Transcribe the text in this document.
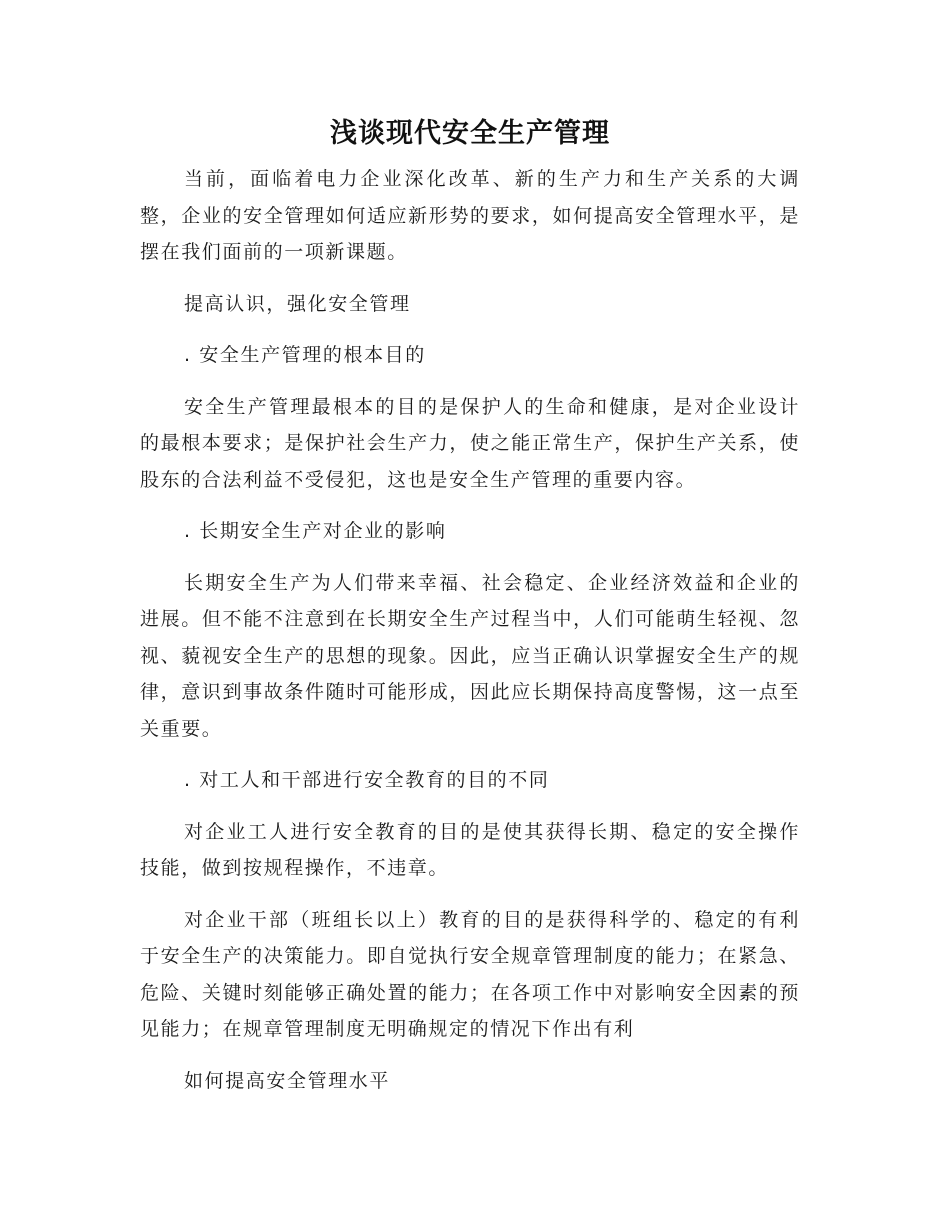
浅谈现代安全生产管理

当前，面临着电力企业深化改革、新的生产力和生产关系的大调整，企业的安全管理如何适应新形势的要求，如何提高安全管理水平，是摆在我们面前的一项新课题。

提高认识，强化安全管理

. 安全生产管理的根本目的

安全生产管理最根本的目的是保护人的生命和健康，是对企业设计的最根本要求；是保护社会生产力，使之能正常生产，保护生产关系，使股东的合法利益不受侵犯，这也是安全生产管理的重要内容。

. 长期安全生产对企业的影响

长期安全生产为人们带来幸福、社会稳定、企业经济效益和企业的进展。但不能不注意到在长期安全生产过程当中，人们可能萌生轻视、忽视、藐视安全生产的思想的现象。因此，应当正确认识掌握安全生产的规律，意识到事故条件随时可能形成，因此应长期保持高度警惕，这一点至关重要。

. 对工人和干部进行安全教育的目的不同

对企业工人进行安全教育的目的是使其获得长期、稳定的安全操作技能，做到按规程操作，不违章。

对企业干部（班组长以上）教育的目的是获得科学的、稳定的有利于安全生产的决策能力。即自觉执行安全规章管理制度的能力；在紧急、危险、关键时刻能够正确处置的能力；在各项工作中对影响安全因素的预见能力；在规章管理制度无明确规定的情况下作出有利

如何提高安全管理水平
